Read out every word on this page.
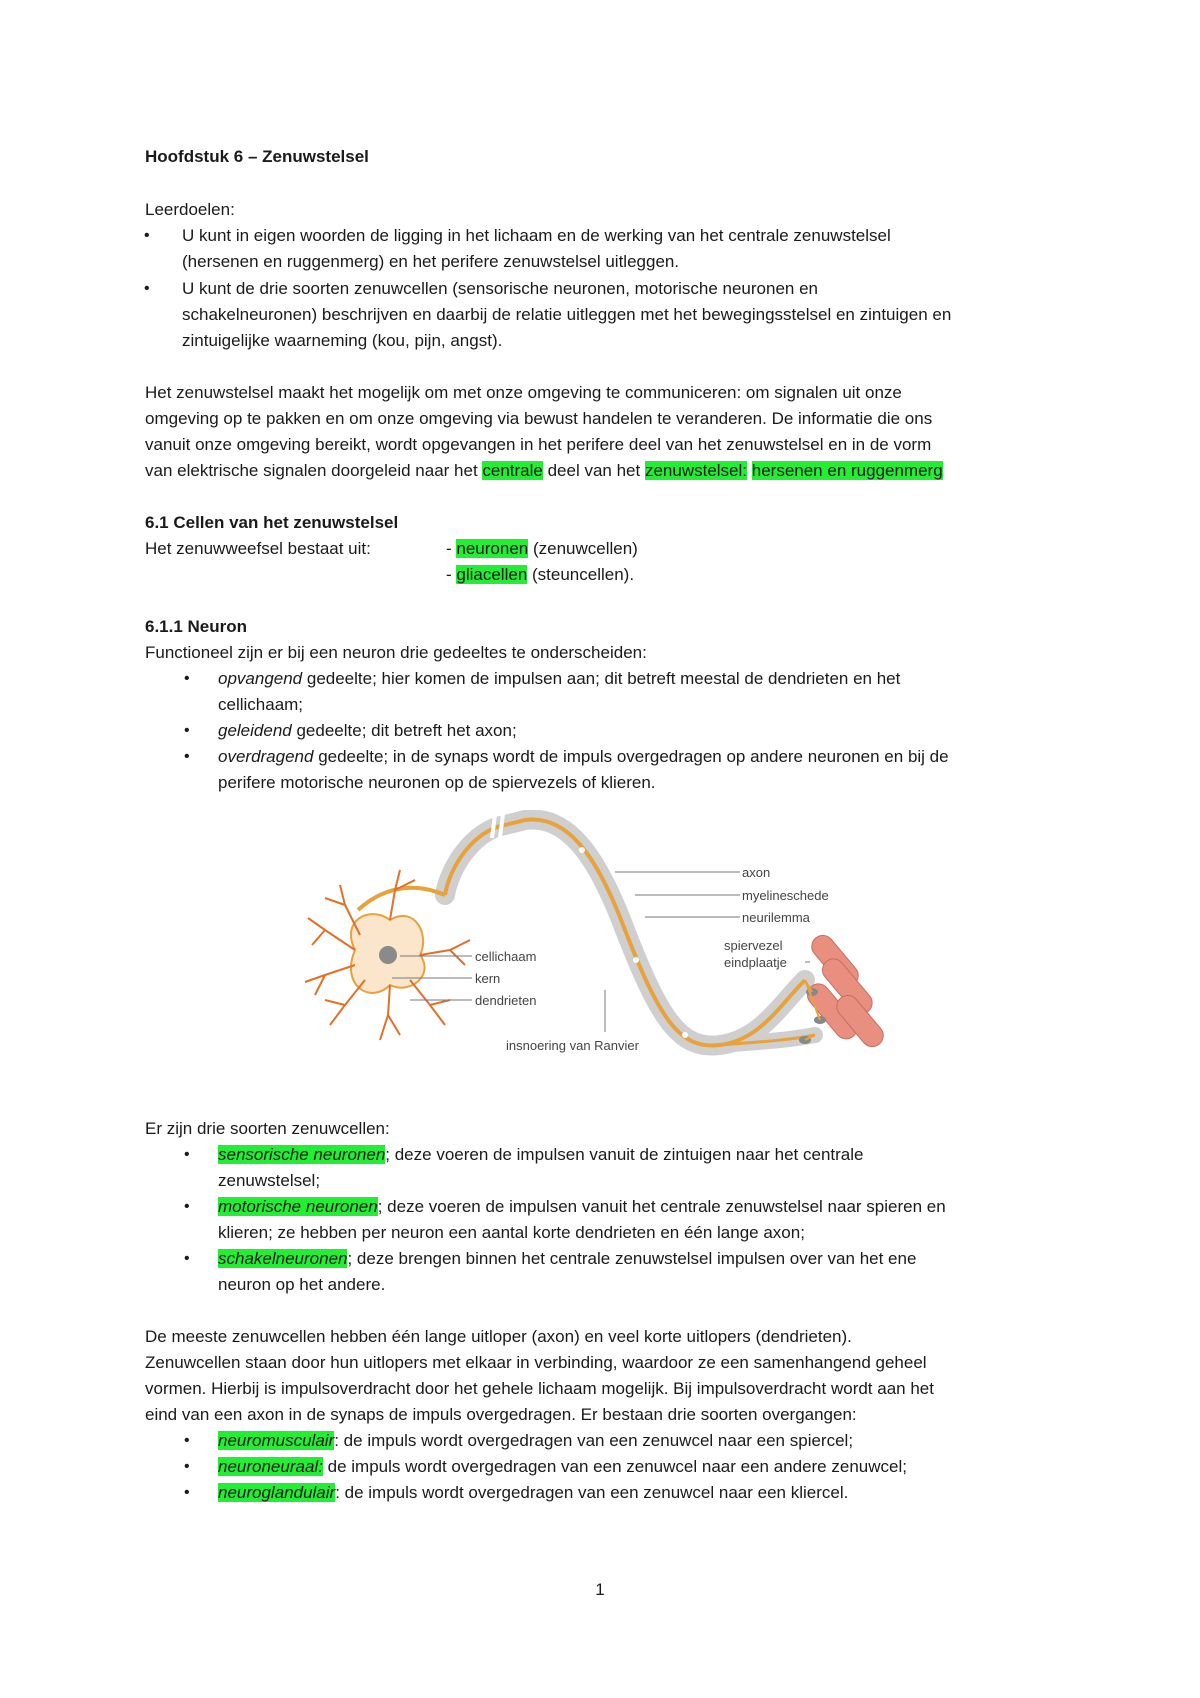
Hoofdstuk 6 – Zenuwstelsel
Leerdoelen:
• U kunt in eigen woorden de ligging in het lichaam en de werking van het centrale zenuwstelsel
(hersenen en ruggenmerg) en het perifere zenuwstelsel uitleggen.
• U kunt de drie soorten zenuwcellen (sensorische neuronen, motorische neuronen en
schakelneuronen) beschrijven en daarbij de relatie uitleggen met het bewegingsstelsel en zintuigen en
zintuigelijke waarneming (kou, pijn, angst).
Het zenuwstelsel maakt het mogelijk om met onze omgeving te communiceren: om signalen uit onze
omgeving op te pakken en om onze omgeving via bewust handelen te veranderen. De informatie die ons
vanuit onze omgeving bereikt, wordt opgevangen in het perifere deel van het zenuwstelsel en in de vorm
van elektrische signalen doorgeleid naar het centrale deel van het zenuwstelsel: hersenen en ruggenmerg
6.1 Cellen van het zenuwstelsel
Het zenuwweefsel bestaat uit:	- neuronen (zenuwcellen)
- gliacellen (steuncellen).
6.1.1 Neuron
Functioneel zijn er bij een neuron drie gedeeltes te onderscheiden:
• opvangend gedeelte; hier komen de impulsen aan; dit betreft meestal de dendrieten en het
cellichaam;
• geleidend gedeelte; dit betreft het axon;
• overdragend gedeelte; in de synaps wordt de impuls overgedragen op andere neuronen en bij de
perifere motorische neuronen op de spiervezels of klieren.
axon
myelineschede
neurilemma
spiervezel
eindplaatje
cellichaam
kern
dendrieten
insnoering van Ranvier
Er zijn drie soorten zenuwcellen:
• sensorische neuronen; deze voeren de impulsen vanuit de zintuigen naar het centrale
zenuwstelsel;
• motorische neuronen; deze voeren de impulsen vanuit het centrale zenuwstelsel naar spieren en
klieren; ze hebben per neuron een aantal korte dendrieten en één lange axon;
• schakelneuronen; deze brengen binnen het centrale zenuwstelsel impulsen over van het ene
neuron op het andere.
De meeste zenuwcellen hebben één lange uitloper (axon) en veel korte uitlopers (dendrieten).
Zenuwcellen staan door hun uitlopers met elkaar in verbinding, waardoor ze een samenhangend geheel
vormen. Hierbij is impulsoverdracht door het gehele lichaam mogelijk. Bij impulsoverdracht wordt aan het
eind van een axon in de synaps de impuls overgedragen. Er bestaan drie soorten overgangen:
• neuromusculair: de impuls wordt overgedragen van een zenuwcel naar een spiercel;
• neuroneuraal: de impuls wordt overgedragen van een zenuwcel naar een andere zenuwcel;
• neuroglandulair: de impuls wordt overgedragen van een zenuwcel naar een kliercel.
1
